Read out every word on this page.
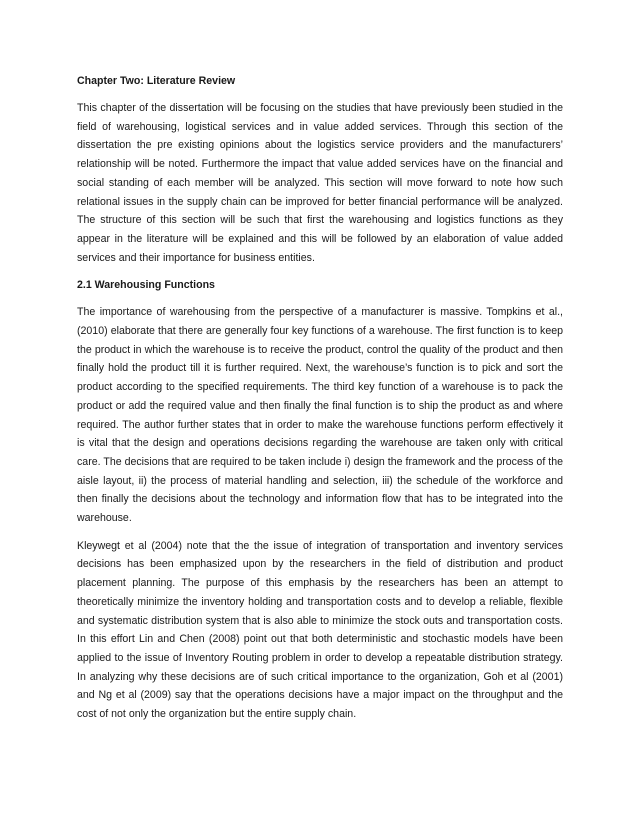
Chapter Two: Literature Review

This chapter of the dissertation will be focusing on the studies that have previously been studied in the field of warehousing, logistical services and in value added services. Through this section of the dissertation the pre existing opinions about the logistics service providers and the manufacturers’ relationship will be noted. Furthermore the impact that value added services have on the financial and social standing of each member will be analyzed. This section will move forward to note how such relational issues in the supply chain can be improved for better financial performance will be analyzed. The structure of this section will be such that first the warehousing and logistics functions as they appear in the literature will be explained and this will be followed by an elaboration of value added services and their importance for business entities.

2.1 Warehousing Functions

The importance of warehousing from the perspective of a manufacturer is massive. Tompkins et al., (2010) elaborate that there are generally four key functions of a warehouse. The first function is to keep the product in which the warehouse is to receive the product, control the quality of the product and then finally hold the product till it is further required. Next, the warehouse’s function is to pick and sort the product according to the specified requirements. The third key function of a warehouse is to pack the product or add the required value and then finally the final function is to ship the product as and where required. The author further states that in order to make the warehouse functions perform effectively it is vital that the design and operations decisions regarding the warehouse are taken only with critical care. The decisions that are required to be taken include i) design the framework and the process of the aisle layout, ii) the process of material handling and selection, iii) the schedule of the workforce and then finally the decisions about the technology and information flow that has to be integrated into the warehouse.

Kleywegt et al (2004) note that the the issue of integration of transportation and inventory services decisions has been emphasized upon by the researchers in the field of distribution and product placement planning. The purpose of this emphasis by the researchers has been an attempt to theoretically minimize the inventory holding and transportation costs and to develop a reliable, flexible and systematic distribution system that is also able to minimize the stock outs and transportation costs. In this effort Lin and Chen (2008) point out that both deterministic and stochastic models have been applied to the issue of Inventory Routing problem in order to develop a repeatable distribution strategy. In analyzing why these decisions are of such critical importance to the organization, Goh et al (2001) and Ng et al (2009) say that the operations decisions have a major impact on the throughput and the cost of not only the organization but the entire supply chain.
